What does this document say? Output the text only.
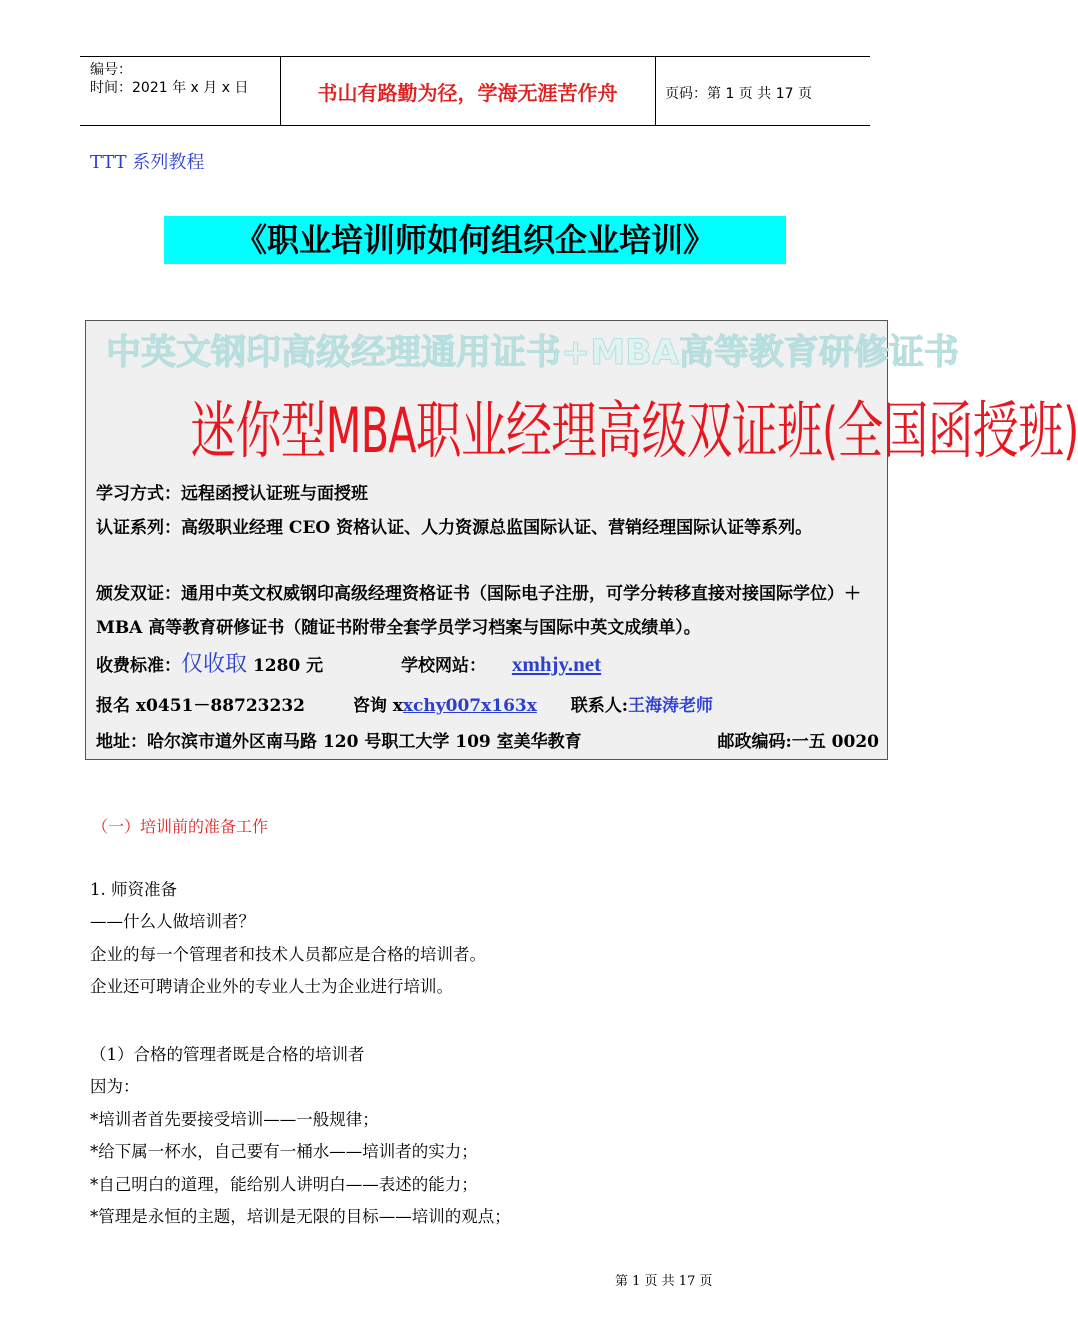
编号：
时间：2021 年 x 月 x 日	书山有路勤为径，学海无涯苦作舟	页码：第 1 页 共 17 页
TTT 系列教程
《职业培训师如何组织企业培训》
中英文钢印高级经理通用证书+MBA高等教育研修证书
迷你型MBA职业经理高级双证班(全国函授班)
学习方式：远程函授认证班与面授班
认证系列：高级职业经理 CEO 资格认证、人力资源总监国际认证、营销经理国际认证等系列。
颁发双证：通用中英文权威钢印高级经理资格证书（国际电子注册，可学分转移直接对接国际学位）＋MBA 高等教育研修证书（随证书附带全套学员学习档案与国际中英文成绩单）。
收费标准：仅收取 1280 元	学校网站： xmhjy.net
报名 x0451－88723232	咨询 xxchy007x163x 联系人:王海涛老师
地址：哈尔滨市道外区南马路 120 号职工大学 109 室美华教育	邮政编码:一五 0020
（一）培训前的准备工作
1. 师资准备
——什么人做培训者？
企业的每一个管理者和技术人员都应是合格的培训者。
企业还可聘请企业外的专业人士为企业进行培训。
（1）合格的管理者既是合格的培训者
因为：
*培训者首先要接受培训——一般规律；
*给下属一杯水，自己要有一桶水——培训者的实力；
*自己明白的道理，能给别人讲明白——表述的能力；
*管理是永恒的主题，培训是无限的目标——培训的观点；
第 1 页 共 17 页
